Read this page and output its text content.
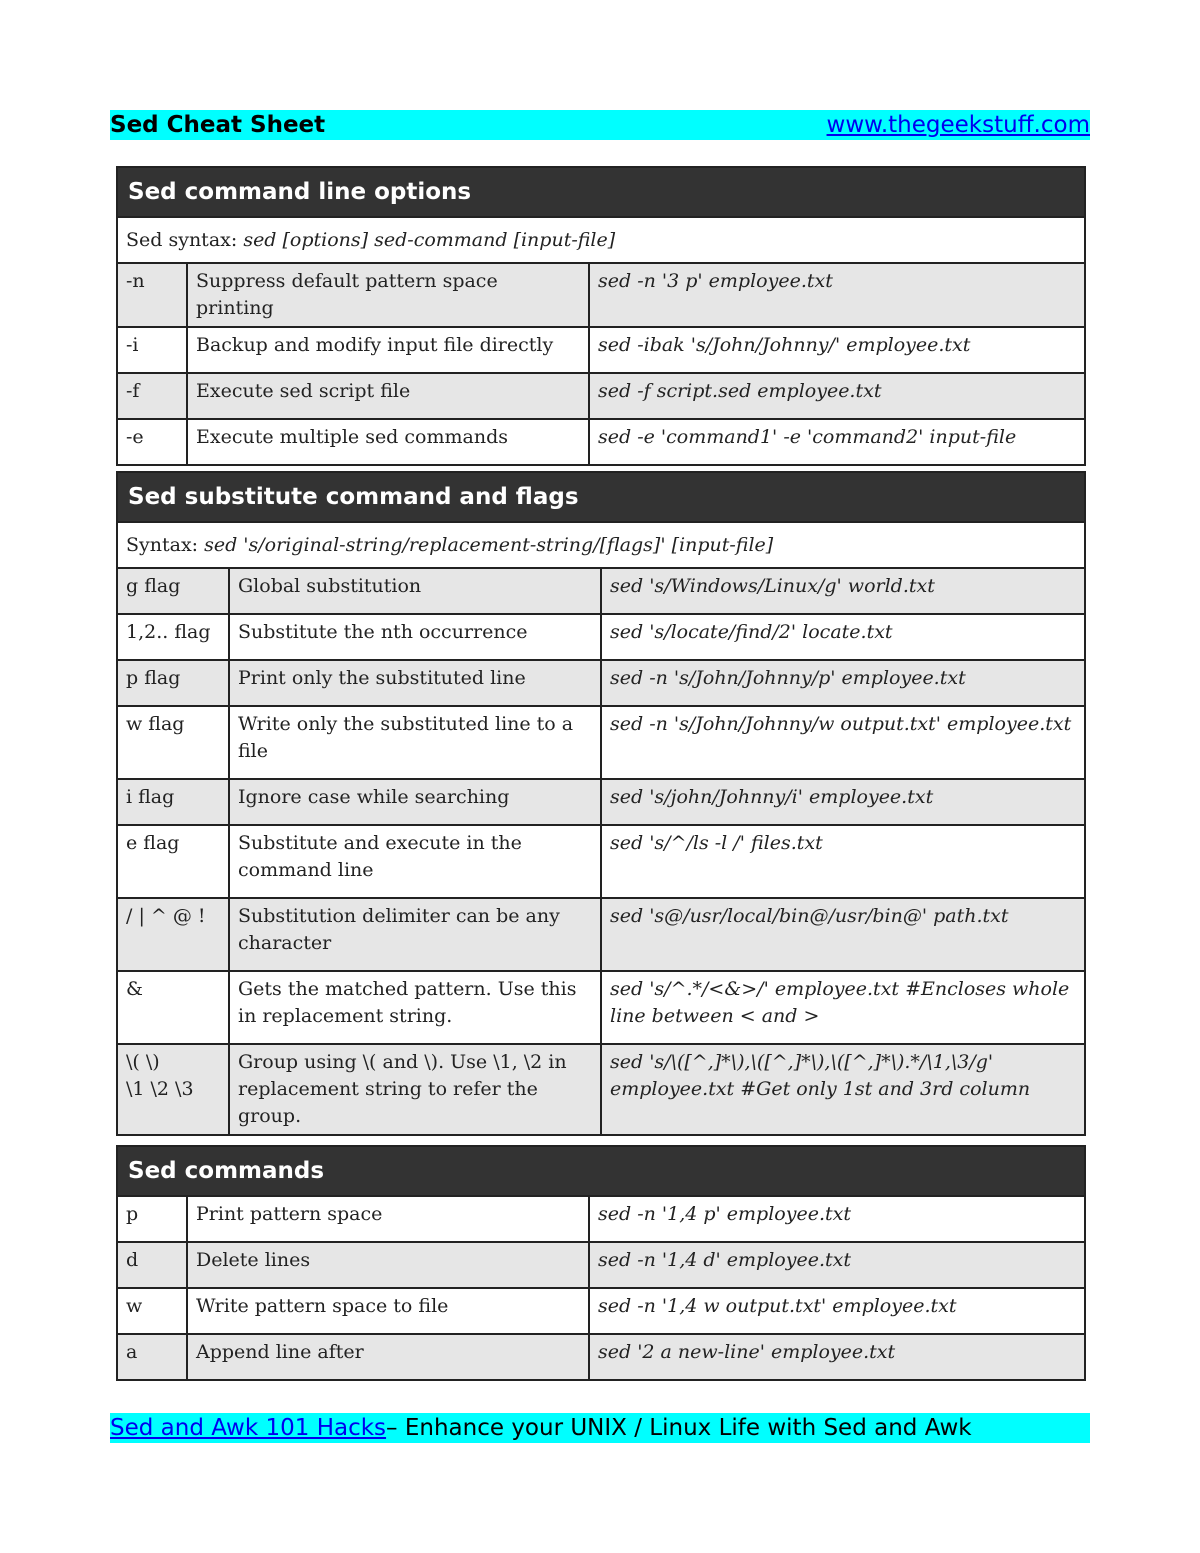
Sed Cheat Sheet	www.thegeekstuff.com
Sed command line options		
Sed syntax: sed [options] sed-command [input-file]		
-n	Suppress default pattern space printing	sed -n '3 p' employee.txt
-i	Backup and modify input file directly	sed -ibak 's/John/Johnny/' employee.txt
-f	Execute sed script file	sed -f script.sed employee.txt
-e	Execute multiple sed commands	sed -e 'command1' -e 'command2' input-file
Sed substitute command and flags		
Syntax: sed 's/original-string/replacement-string/[flags]' [input-file]		
g flag	Global substitution	sed 's/Windows/Linux/g' world.txt
1,2.. flag	Substitute the nth occurrence	sed 's/locate/find/2' locate.txt
p flag	Print only the substituted line	sed -n 's/John/Johnny/p' employee.txt
w flag	Write only the substituted line to a file	sed -n 's/John/Johnny/w output.txt' employee.txt
i flag	Ignore case while searching	sed 's/john/Johnny/i' employee.txt
e flag	Substitute and execute in the command line	sed 's/^/ls -l /' files.txt
/ | ^ @ !	Substitution delimiter can be any character	sed 's@/usr/local/bin@/usr/bin@' path.txt
&	Gets the matched pattern. Use this in replacement string.	sed 's/^.*/<&>/' employee.txt #Encloses whole line between < and >
\( \)
\1 \2 \3	Group using \( and \). Use \1, \2 in replacement string to refer the group.	sed 's/\([^,]*\),\([^,]*\),\([^,]*\).*/\1,\3/g' employee.txt #Get only 1st and 3rd column
Sed commands		
p	Print pattern space	sed -n '1,4 p' employee.txt
d	Delete lines	sed -n '1,4 d' employee.txt
w	Write pattern space to file	sed -n '1,4 w output.txt' employee.txt
a	Append line after	sed '2 a new-line' employee.txt
Sed and Awk 101 Hacks – Enhance your UNIX / Linux Life with Sed and Awk
